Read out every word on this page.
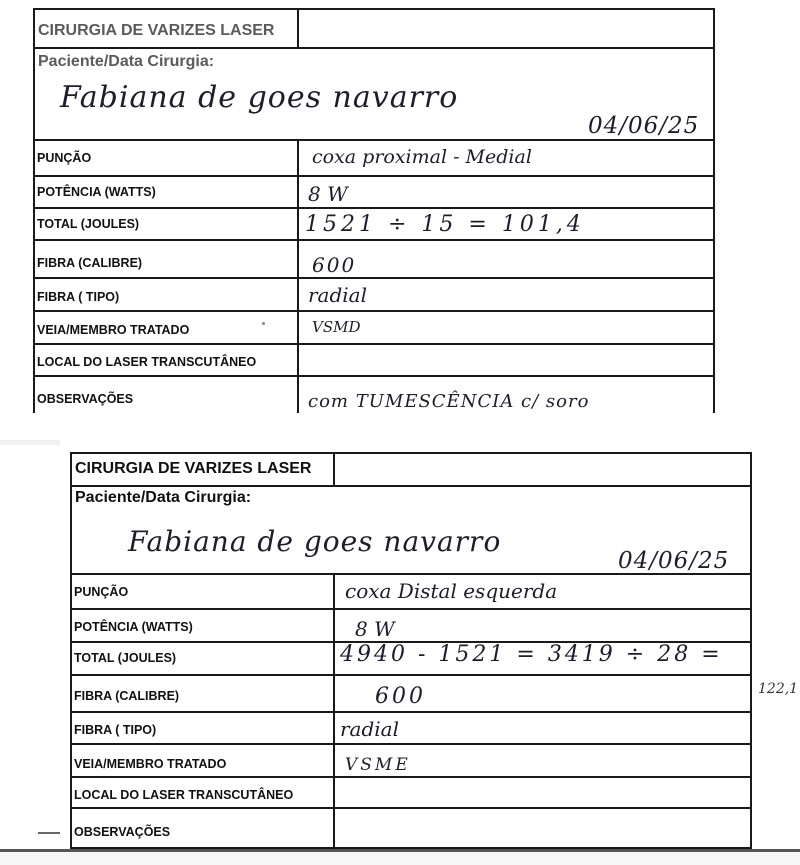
CIRURGIA DE VARIZES LASER
Paciente/Data Cirurgia:
Fabiana de goes navarro
04/06/25
PUNÇÃO
POTÊNCIA (WATTS)
TOTAL (JOULES)
FIBRA (CALIBRE)
FIBRA ( TIPO)
VEIA/MEMBRO TRATADO
LOCAL DO LASER TRANSCUTÂNEO
OBSERVAÇÕES
coxa proximal - Medial
8 W
1521 ÷ 15 = 101,4
600
radial
VSMD
com TUMESCÊNCIA c/ soro
CIRURGIA DE VARIZES LASER
Paciente/Data Cirurgia:
Fabiana de goes navarro
04/06/25
PUNÇÃO
POTÊNCIA (WATTS)
TOTAL (JOULES)
FIBRA (CALIBRE)
FIBRA ( TIPO)
VEIA/MEMBRO TRATADO
LOCAL DO LASER TRANSCUTÂNEO
OBSERVAÇÕES
coxa Distal esquerda
8 W
4940 - 1521 = 3419 ÷ 28 =
600
radial
VSME
122,1
